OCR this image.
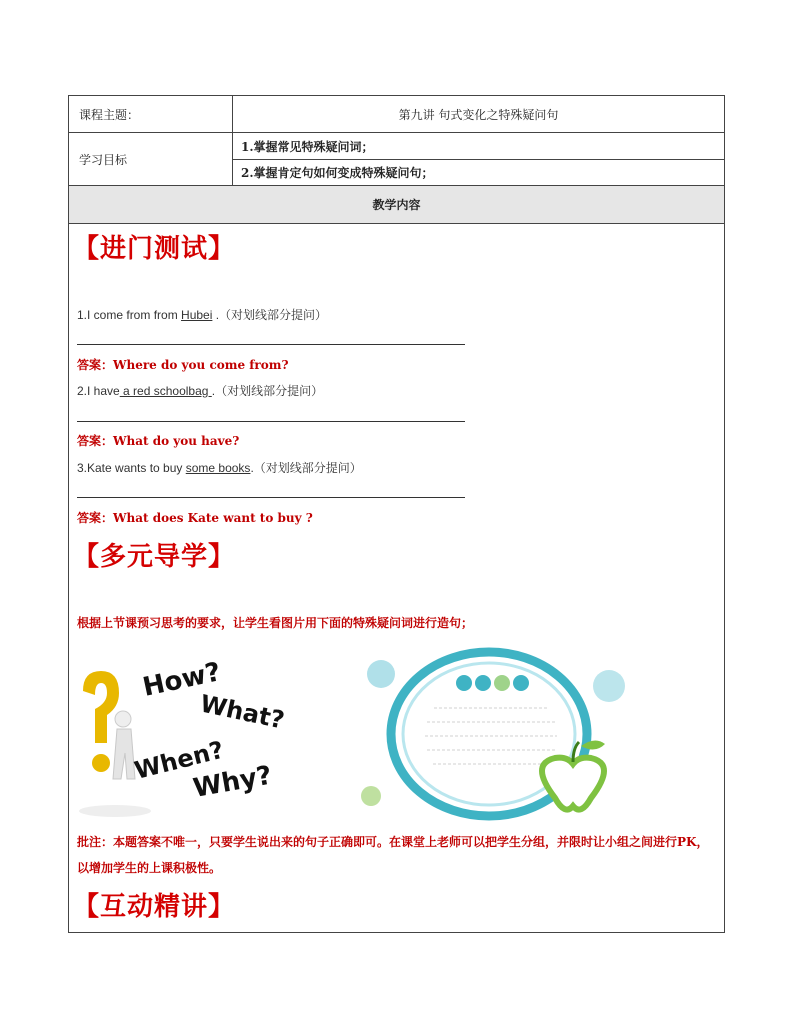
课程主题：	第九讲 句式变化之特殊疑问句
学习目标
1.掌握常见特殊疑问词；
2.掌握肯定句如何变成特殊疑问句；
教学内容
【进门测试】
1.I come from from Hubei .（对划线部分提问）
答案：Where do you come from?
2.I have a red schoolbag .（对划线部分提问）
答案：What do you have?
3.Kate wants to buy some books.（对划线部分提问）
答案：What does Kate want to buy ?
【多元导学】
根据上节课预习思考的要求，让学生看图片用下面的特殊疑问词进行造句；
How?
What?
When?
Why?
批注：本题答案不唯一，只要学生说出来的句子正确即可。在课堂上老师可以把学生分组，并限时让小组之间进行PK，以增加学生的上课积极性。
【互动精讲】
